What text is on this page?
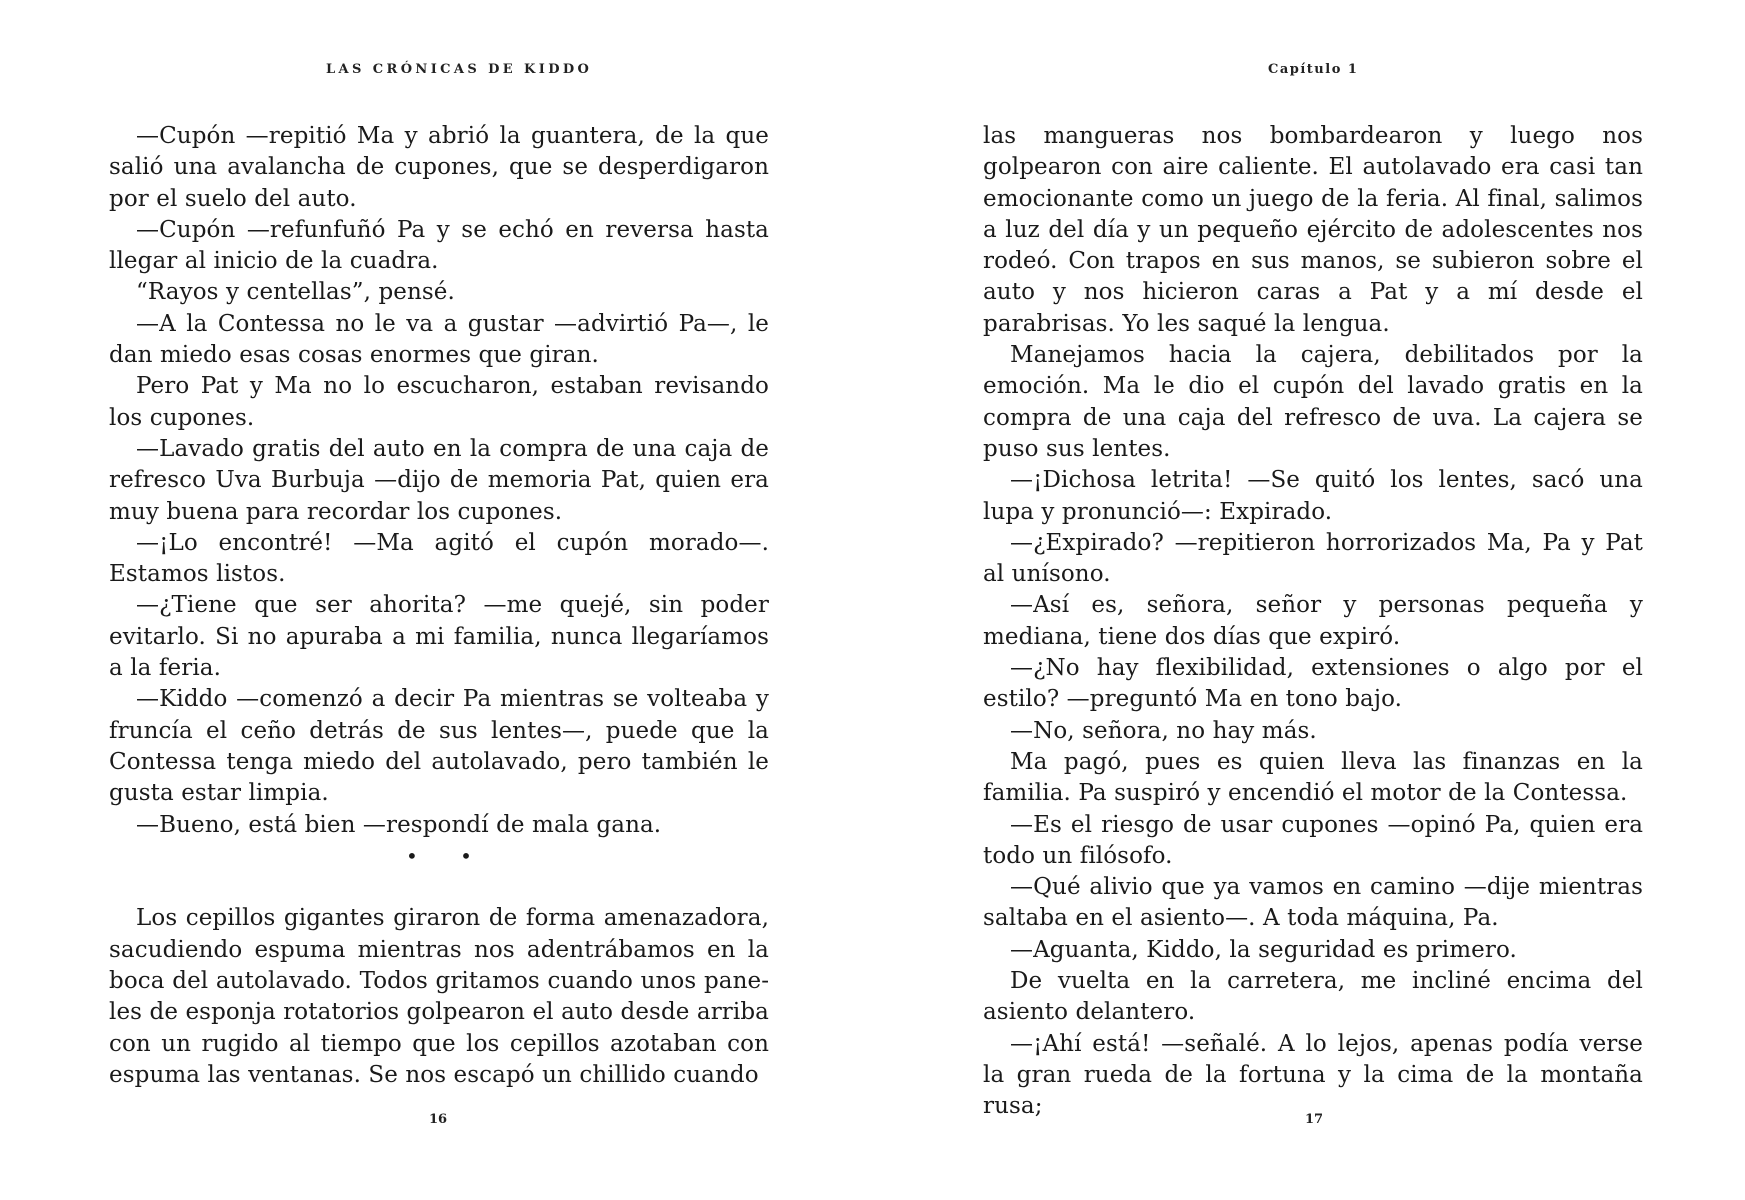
LAS CRÓNICAS DE KIDDO

—Cupón —repitió Ma y abrió la guantera, de la que salió una avalancha de cupones, que se desperdigaron por el suelo del auto.

—Cupón —refunfuñó Pa y se echó en reversa hasta llegar al inicio de la cuadra.

“Rayos y centellas”, pensé.

—A la Contessa no le va a gustar —advirtió Pa—, le dan miedo esas cosas enormes que giran.

Pero Pat y Ma no lo escucharon, estaban revisando los cupones.

—Lavado gratis del auto en la compra de una caja de refresco Uva Burbuja —dijo de memoria Pat, quien era muy buena para recordar los cupones.

—¡Lo encontré! —Ma agitó el cupón morado—. Estamos listos.

—¿Tiene que ser ahorita? —me quejé, sin poder evitarlo. Si no apuraba a mi familia, nunca llegaríamos a la feria.

—Kiddo —comenzó a decir Pa mientras se volteaba y fruncía el ceño detrás de sus lentes—, puede que la Contessa tenga miedo del autolavado, pero también le gusta estar limpia.

—Bueno, está bien —respondí de mala gana.

• •

Los cepillos gigantes giraron de forma amenazadora, sacudiendo espuma mientras nos adentrábamos en la boca del autolavado. Todos gritamos cuando unos paneles de esponja rotatorios golpearon el auto desde arriba con un rugido al tiempo que los cepillos azotaban con espuma las ventanas. Se nos escapó un chillido cuando

16
Capítulo 1

las mangueras nos bombardearon y luego nos golpearon con aire caliente. El autolavado era casi tan emocionante como un juego de la feria. Al final, salimos a luz del día y un pequeño ejército de adolescentes nos rodeó. Con trapos en sus manos, se subieron sobre el auto y nos hicieron caras a Pat y a mí desde el parabrisas. Yo les saqué la lengua.

Manejamos hacia la cajera, debilitados por la emoción. Ma le dio el cupón del lavado gratis en la compra de una caja del refresco de uva. La cajera se puso sus lentes.

—¡Dichosa letrita! —Se quitó los lentes, sacó una lupa y pronunció—: Expirado.

—¿Expirado? —repitieron horrorizados Ma, Pa y Pat al unísono.

—Así es, señora, señor y personas pequeña y mediana, tiene dos días que expiró.

—¿No hay flexibilidad, extensiones o algo por el estilo? —preguntó Ma en tono bajo.

—No, señora, no hay más.

Ma pagó, pues es quien lleva las finanzas en la familia. Pa suspiró y encendió el motor de la Contessa.

—Es el riesgo de usar cupones —opinó Pa, quien era todo un filósofo.

—Qué alivio que ya vamos en camino —dije mientras saltaba en el asiento—. A toda máquina, Pa.

—Aguanta, Kiddo, la seguridad es primero.

De vuelta en la carretera, me incliné encima del asiento delantero.

—¡Ahí está! —señalé. A lo lejos, apenas podía verse la gran rueda de la fortuna y la cima de la montaña rusa;

17
